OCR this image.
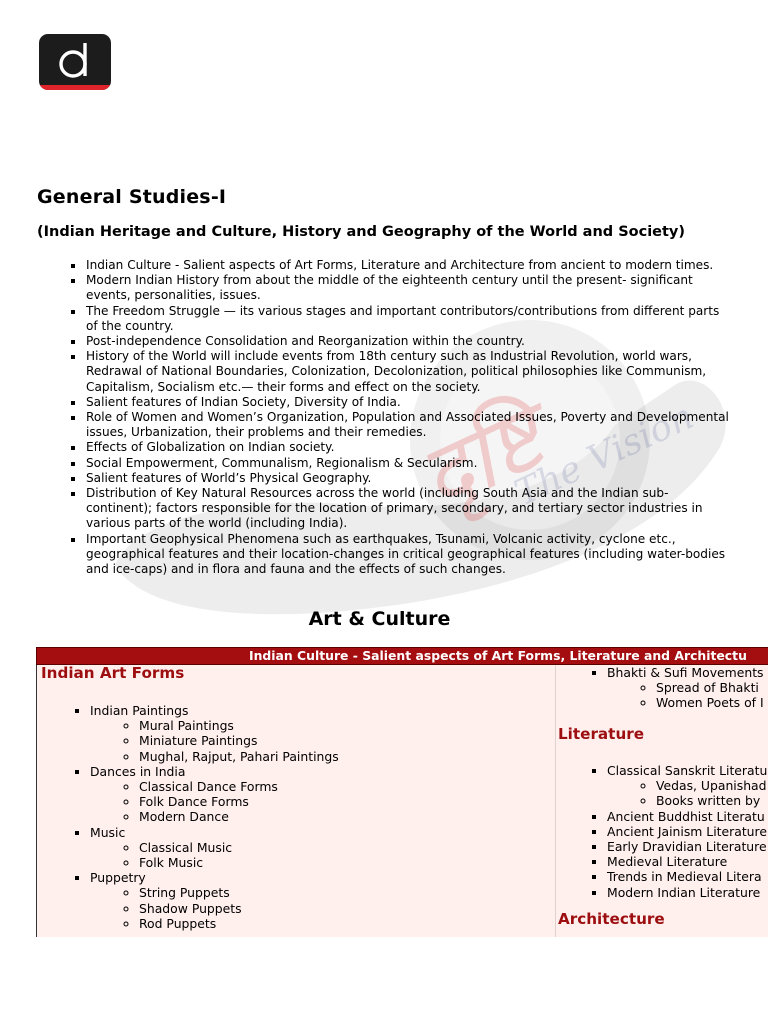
दृष्टि
The Vision
General Studies-I
(Indian Heritage and Culture, History and Geography of the World and Society)
▪ Indian Culture - Salient aspects of Art Forms, Literature and Architecture from ancient to modern times.
▪ Modern Indian History from about the middle of the eighteenth century until the present- significant events, personalities, issues.
▪ The Freedom Struggle — its various stages and important contributors/contributions from different parts of the country.
▪ Post-independence Consolidation and Reorganization within the country.
▪ History of the World will include events from 18th century such as Industrial Revolution, world wars, Redrawal of National Boundaries, Colonization, Decolonization, political philosophies like Communism, Capitalism, Socialism etc.— their forms and effect on the society.
▪ Salient features of Indian Society, Diversity of India.
▪ Role of Women and Women’s Organization, Population and Associated Issues, Poverty and Developmental issues, Urbanization, their problems and their remedies.
▪ Effects of Globalization on Indian society.
▪ Social Empowerment, Communalism, Regionalism & Secularism.
▪ Salient features of World’s Physical Geography.
▪ Distribution of Key Natural Resources across the world (including South Asia and the Indian sub-continent); factors responsible for the location of primary, secondary, and tertiary sector industries in various parts of the world (including India).
▪ Important Geophysical Phenomena such as earthquakes, Tsunami, Volcanic activity, cyclone etc., geographical features and their location-changes in critical geographical features (including water-bodies and ice-caps) and in flora and fauna and the effects of such changes.
Art & Culture
Indian Culture - Salient aspects of Art Forms, Literature and Architectu
Indian Art Forms
▪ Indian Paintings
◦ Mural Paintings
◦ Miniature Paintings
◦ Mughal, Rajput, Pahari Paintings
▪ Dances in India
◦ Classical Dance Forms
◦ Folk Dance Forms
◦ Modern Dance
▪ Music
◦ Classical Music
◦ Folk Music
▪ Puppetry
◦ String Puppets
◦ Shadow Puppets
◦ Rod Puppets
▪ Bhakti & Sufi Movements
◦ Spread of Bhakti
◦ Women Poets of I
Literature
▪ Classical Sanskrit Literatu
◦ Vedas, Upanishad
◦ Books written by
▪ Ancient Buddhist Literatu
▪ Ancient Jainism Literature
▪ Early Dravidian Literature
▪ Medieval Literature
▪ Trends in Medieval Litera
▪ Modern Indian Literature
Architecture
